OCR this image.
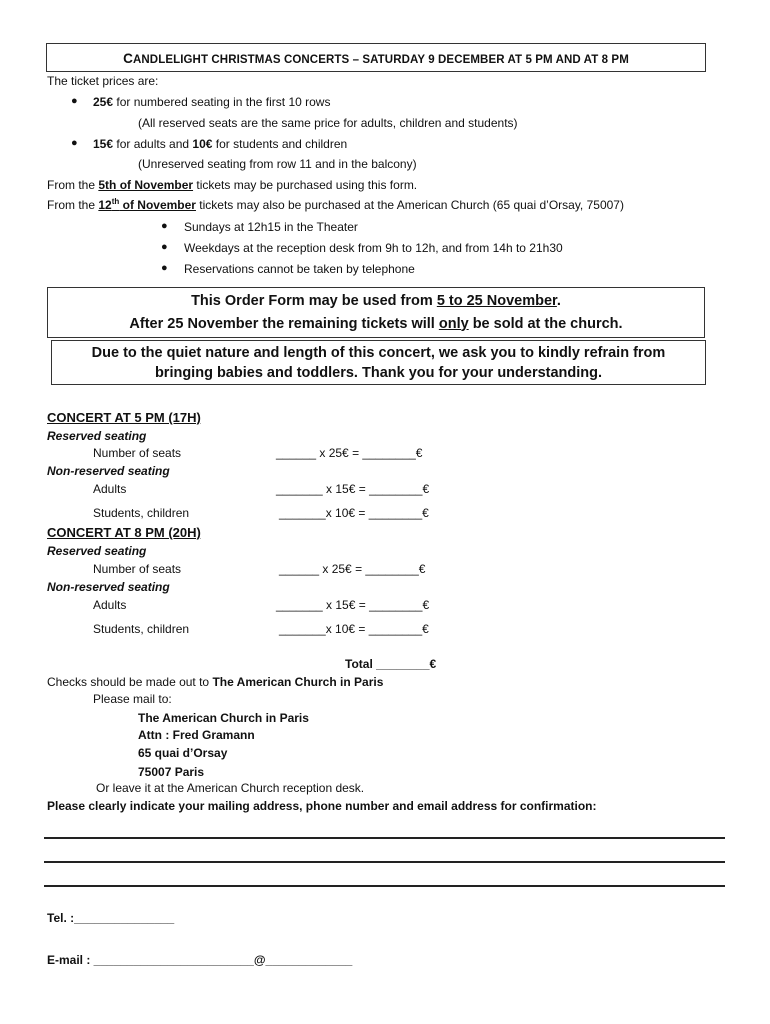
CANDLELIGHT CHRISTMAS CONCERTS – SATURDAY 9 DECEMBER AT 5 PM AND AT 8 PM
The ticket prices are:
● 25€ for numbered seating in the first 10 rows
(All reserved seats are the same price for adults, children and students)
● 15€ for adults and 10€ for students and children
(Unreserved seating from row 11 and in the balcony)
From the 5th of November tickets may be purchased using this form.
From the 12th of November tickets may also be purchased at the American Church (65 quai d’Orsay, 75007)
● Sundays at 12h15 in the Theater
● Weekdays at the reception desk from 9h to 12h, and from 14h to 21h30
● Reservations cannot be taken by telephone
This Order Form may be used from 5 to 25 November.
After 25 November the remaining tickets will only be sold at the church.
Due to the quiet nature and length of this concert, we ask you to kindly refrain from
bringing babies and toddlers. Thank you for your understanding.
CONCERT AT 5 PM (17H)
Reserved seating
Number of seats	______ x 25€ = ________€
Non-reserved seating
Adults	_______ x 15€ = ________€
Students, children	_______x 10€ = ________€
CONCERT AT 8 PM (20H)
Reserved seating
Number of seats	______ x 25€ = ________€
Non-reserved seating
Adults	_______ x 15€ = ________€
Students, children	_______x 10€ = ________€
Total ________€
Checks should be made out to The American Church in Paris
Please mail to:
The American Church in Paris
Attn : Fred Gramann
65 quai d’Orsay
75007 Paris
Or leave it at the American Church reception desk.
Please clearly indicate your mailing address, phone number and email address for confirmation:
Tel. :_______________
E-mail : ________________________@_____________
